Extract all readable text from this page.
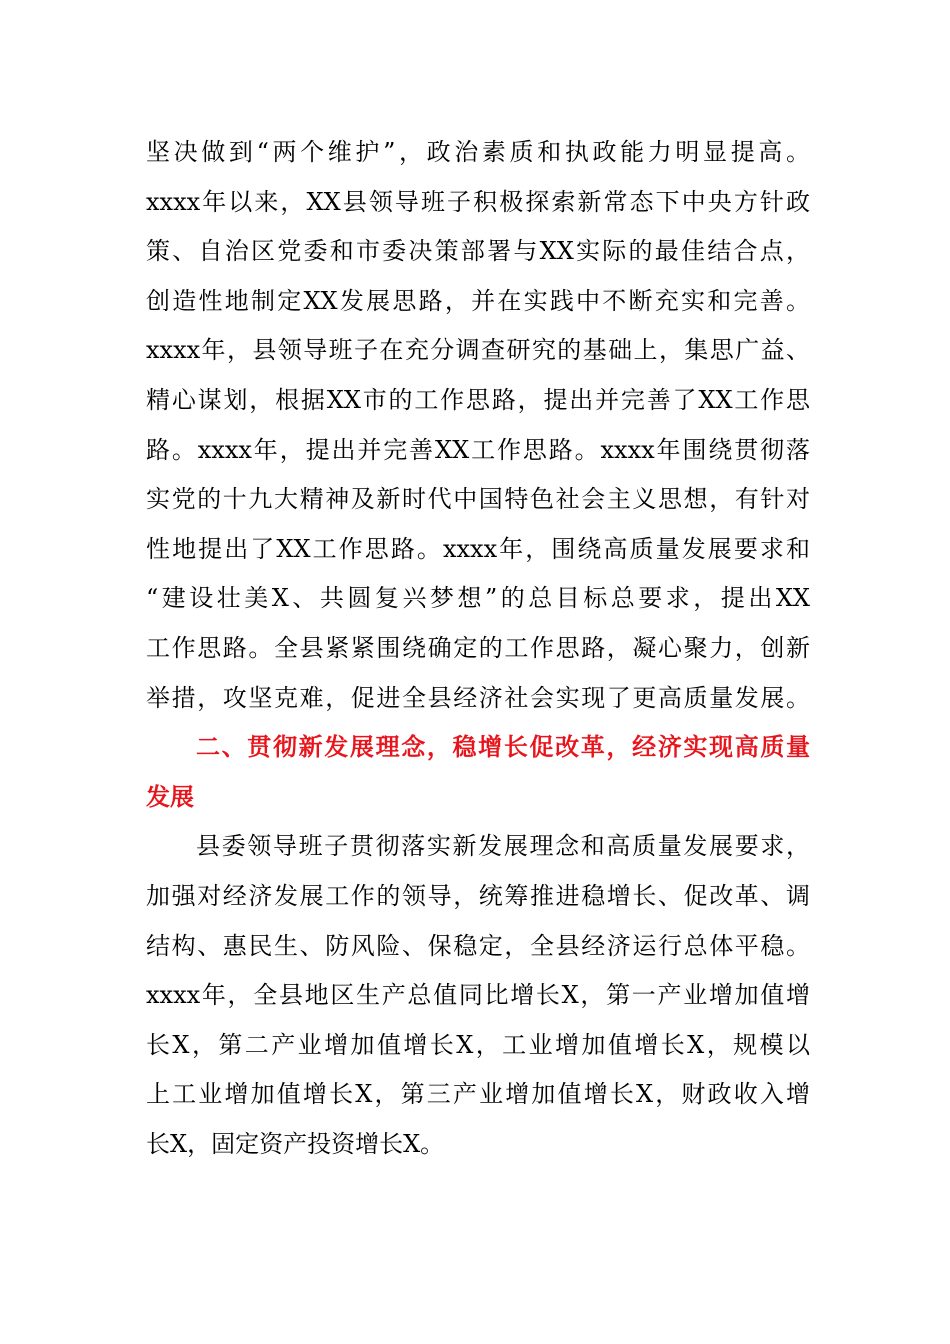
坚决做到“两个维护”，政治素质和执政能力明显提高。
xxxx年以来，XX县领导班子积极探索新常态下中央方针政
策、自治区党委和市委决策部署与XX实际的最佳结合点，
创造性地制定XX发展思路，并在实践中不断充实和完善。
xxxx年，县领导班子在充分调查研究的基础上，集思广益、
精心谋划，根据XX市的工作思路，提出并完善了XX工作思
路。xxxx年，提出并完善XX工作思路。xxxx年围绕贯彻落
实党的十九大精神及新时代中国特色社会主义思想，有针对
性地提出了XX工作思路。xxxx年，围绕高质量发展要求和
“建设壮美X、共圆复兴梦想”的总目标总要求，提出XX
工作思路。全县紧紧围绕确定的工作思路，凝心聚力，创新
举措，攻坚克难，促进全县经济社会实现了更高质量发展。
二、贯彻新发展理念，稳增长促改革，经济实现高质量
发展
县委领导班子贯彻落实新发展理念和高质量发展要求，
加强对经济发展工作的领导，统筹推进稳增长、促改革、调
结构、惠民生、防风险、保稳定，全县经济运行总体平稳。
xxxx年，全县地区生产总值同比增长X，第一产业增加值增
长X，第二产业增加值增长X，工业增加值增长X，规模以
上工业增加值增长X，第三产业增加值增长X，财政收入增
长X，固定资产投资增长X。
